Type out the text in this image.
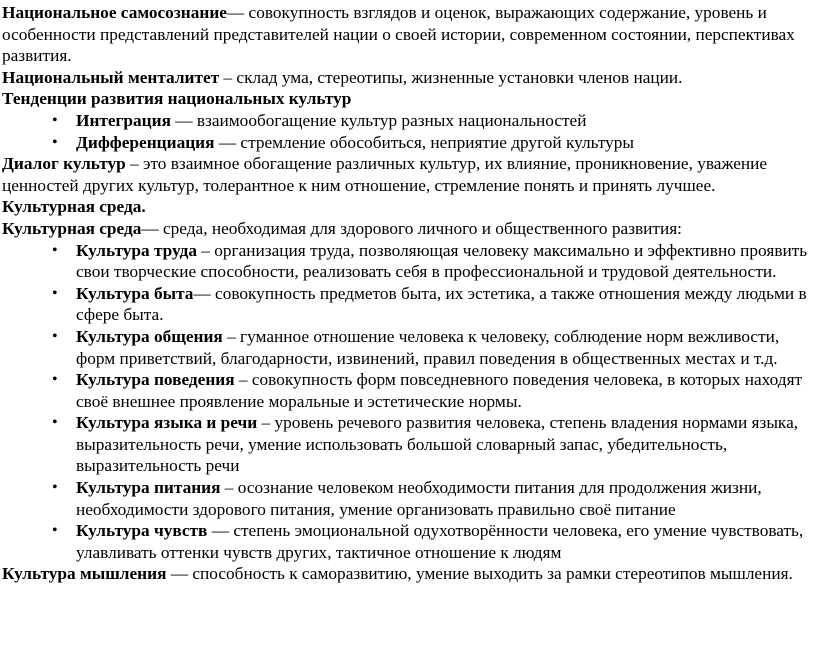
Национальное самосознание— совокупность взглядов и оценок, выражающих содержание, уровень и особенности представлений представителей нации о своей истории, современном состоянии, перспективах развития.

Национальный менталитет – склад ума, стереотипы, жизненные установки членов нации.

Тенденции развития национальных культур

• Интеграция — взаимообогащение культур разных национальностей
• Дифференциация — стремление обособиться, неприятие другой культуры

Диалог культур – это взаимное обогащение различных культур, их влияние, проникновение, уважение ценностей других культур, толерантное к ним отношение, стремление понять и принять лучшее.

Культурная среда.

Культурная среда— среда, необходимая для здорового личного и общественного развития:

• Культура труда – организация труда, позволяющая человеку максимально и эффективно проявить свои творческие способности, реализовать себя в профессиональной и трудовой деятельности.
• Культура быта— совокупность предметов быта, их эстетика, а также отношения между людьми в сфере быта.
• Культура общения – гуманное отношение человека к человеку, соблюдение норм вежливости, форм приветствий, благодарности, извинений, правил поведения в общественных местах и т.д.
• Культура поведения – совокупность форм повседневного поведения человека, в которых находят своё внешнее проявление моральные и эстетические нормы.
• Культура языка и речи – уровень речевого развития человека, степень владения нормами языка, выразительность речи, умение использовать большой словарный запас, убедительность, выразительность речи
• Культура питания – осознание человеком необходимости питания для продолжения жизни, необходимости здорового питания, умение организовать правильно своё питание
• Культура чувств — степень эмоциональной одухотворённости человека, его умение чувствовать, улавливать оттенки чувств других, тактичное отношение к людям

Культура мышления — способность к саморазвитию, умение выходить за рамки стереотипов мышления.
